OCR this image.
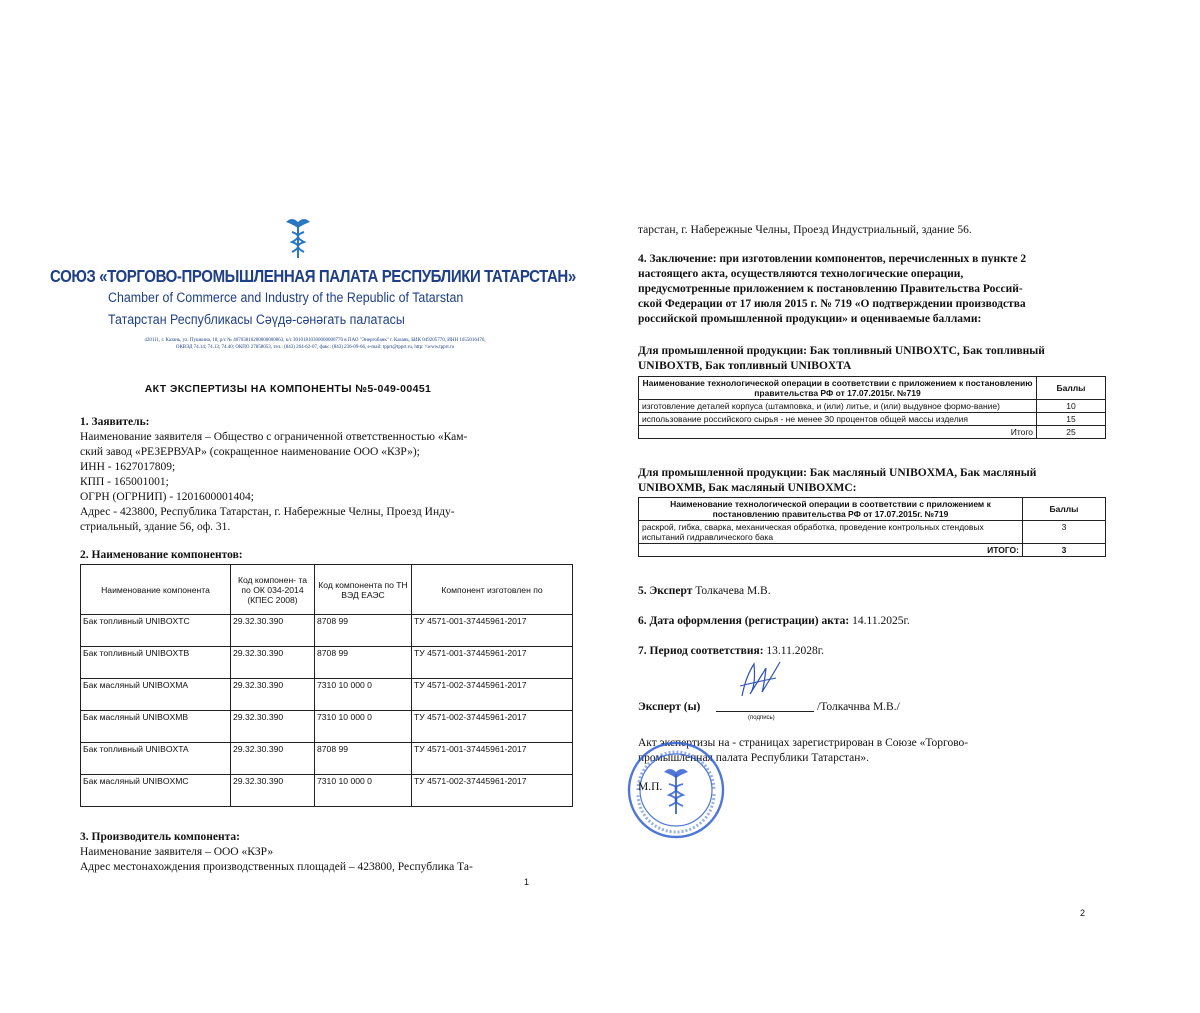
СОЮЗ «ТОРГОВО-ПРОМЫШЛЕННАЯ ПАЛАТА РЕСПУБЛИКИ ТАТАРСТАН»
Chamber of Commerce and Industry of the Republic of Tatarstan
Татарстан Республикасы Сәүдә-сәнәгать палатасы
420111, г. Казань, ул. Пушкина, 18, р/с № 40703810200000000063, к/с 30101810300000000770 в ПАО "Энергобанк" г. Казань, БИК 049205770, ИНН 1655016476,
ОКВЭД 74.14; 74.13; 74.40; ОКПО 27858053, тел.: (843) 264-62-07, факс: (843) 236-09-66, e-mail: tpprt@tpprt.ru, http: \\www.tpprt.ru
АКТ ЭКСПЕРТИЗЫ НА КОМПОНЕНТЫ №5-049-00451
1. Заявитель:
Наименование заявителя – Общество с ограниченной ответственностью «Кам-
ский завод «РЕЗЕРВУАР» (сокращенное наименование ООО «КЗР»);
ИНН - 1627017809;
КПП - 165001001;
ОГРН (ОГРНИП) - 1201600001404;
Адрес - 423800, Республика Татарстан, г. Набережные Челны, Проезд Инду-
стриальный, здание 56, оф. 31.
2. Наименование компонентов:
Наименование компонента	Код компонен- та по ОК 034-2014 (КПЕС 2008)	Код компонента по ТН ВЭД ЕАЭС	Компонент изготовлен по
Бак топливный UNIBOXTC	29.32.30.390	8708 99	ТУ 4571-001-37445961-2017
Бак топливный UNIBOXTB	29.32.30.390	8708 99	ТУ 4571-001-37445961-2017
Бак масляный UNIBOXMA	29.32.30.390	7310 10 000 0	ТУ 4571-002-37445961-2017
Бак масляный UNIBOXMB	29.32.30.390	7310 10 000 0	ТУ 4571-002-37445961-2017
Бак топливный UNIBOXTA	29.32.30.390	8708 99	ТУ 4571-001-37445961-2017
Бак масляный UNIBOXMC	29.32.30.390	7310 10 000 0	ТУ 4571-002-37445961-2017
3. Производитель компонента:
Наименование заявителя – ООО «КЗР»
Адрес местонахождения производственных площадей – 423800, Республика Та-
1
тарстан, г. Набережные Челны, Проезд Индустриальный, здание 56.
4. Заключение: при изготовлении компонентов, перечисленных в пункте 2
настоящего акта, осуществляются технологические операции,
предусмотренные приложением к постановлению Правительства Россий-
ской Федерации от 17 июля 2015 г. № 719 «О подтверждении производства
российской промышленной продукции» и оцениваемые баллами:
Для промышленной продукции: Бак топливный UNIBOXTC, Бак топливный
UNIBOXTB, Бак топливный UNIBOXTA
Наименование технологической операции в соответствии с приложением к постановлению правительства РФ от 17.07.2015г. №719	Баллы
изготовление деталей корпуса (штамповка, и (или) литье, и (или) выдувное формо-вание)	10
использование российского сырья - не менее 30 процентов общей массы изделия	15
Итого	25
Для промышленной продукции: Бак масляный UNIBOXMA, Бак масляный
UNIBOXMB, Бак масляный UNIBOXMC:
Наименование технологической операции в соответствии с приложением к постановлению правительства РФ от 17.07.2015г. №719	Баллы
раскрой, гибка, сварка, механическая обработка, проведение контрольных стендовых испытаний гидравлического бака	3
ИТОГО:	3
5. Эксперт Толкачева М.В.
6. Дата оформления (регистрации) акта: 14.11.2025г.
7. Период соответствия: 13.11.2028г.
Эксперт (ы)	/Толкачнва М.В./
(подпись)
Акт экспертизы на - страницах зарегистрирован в Союзе «Торгово-
промышленная палата Республики Татарстан».
М.П.
2
